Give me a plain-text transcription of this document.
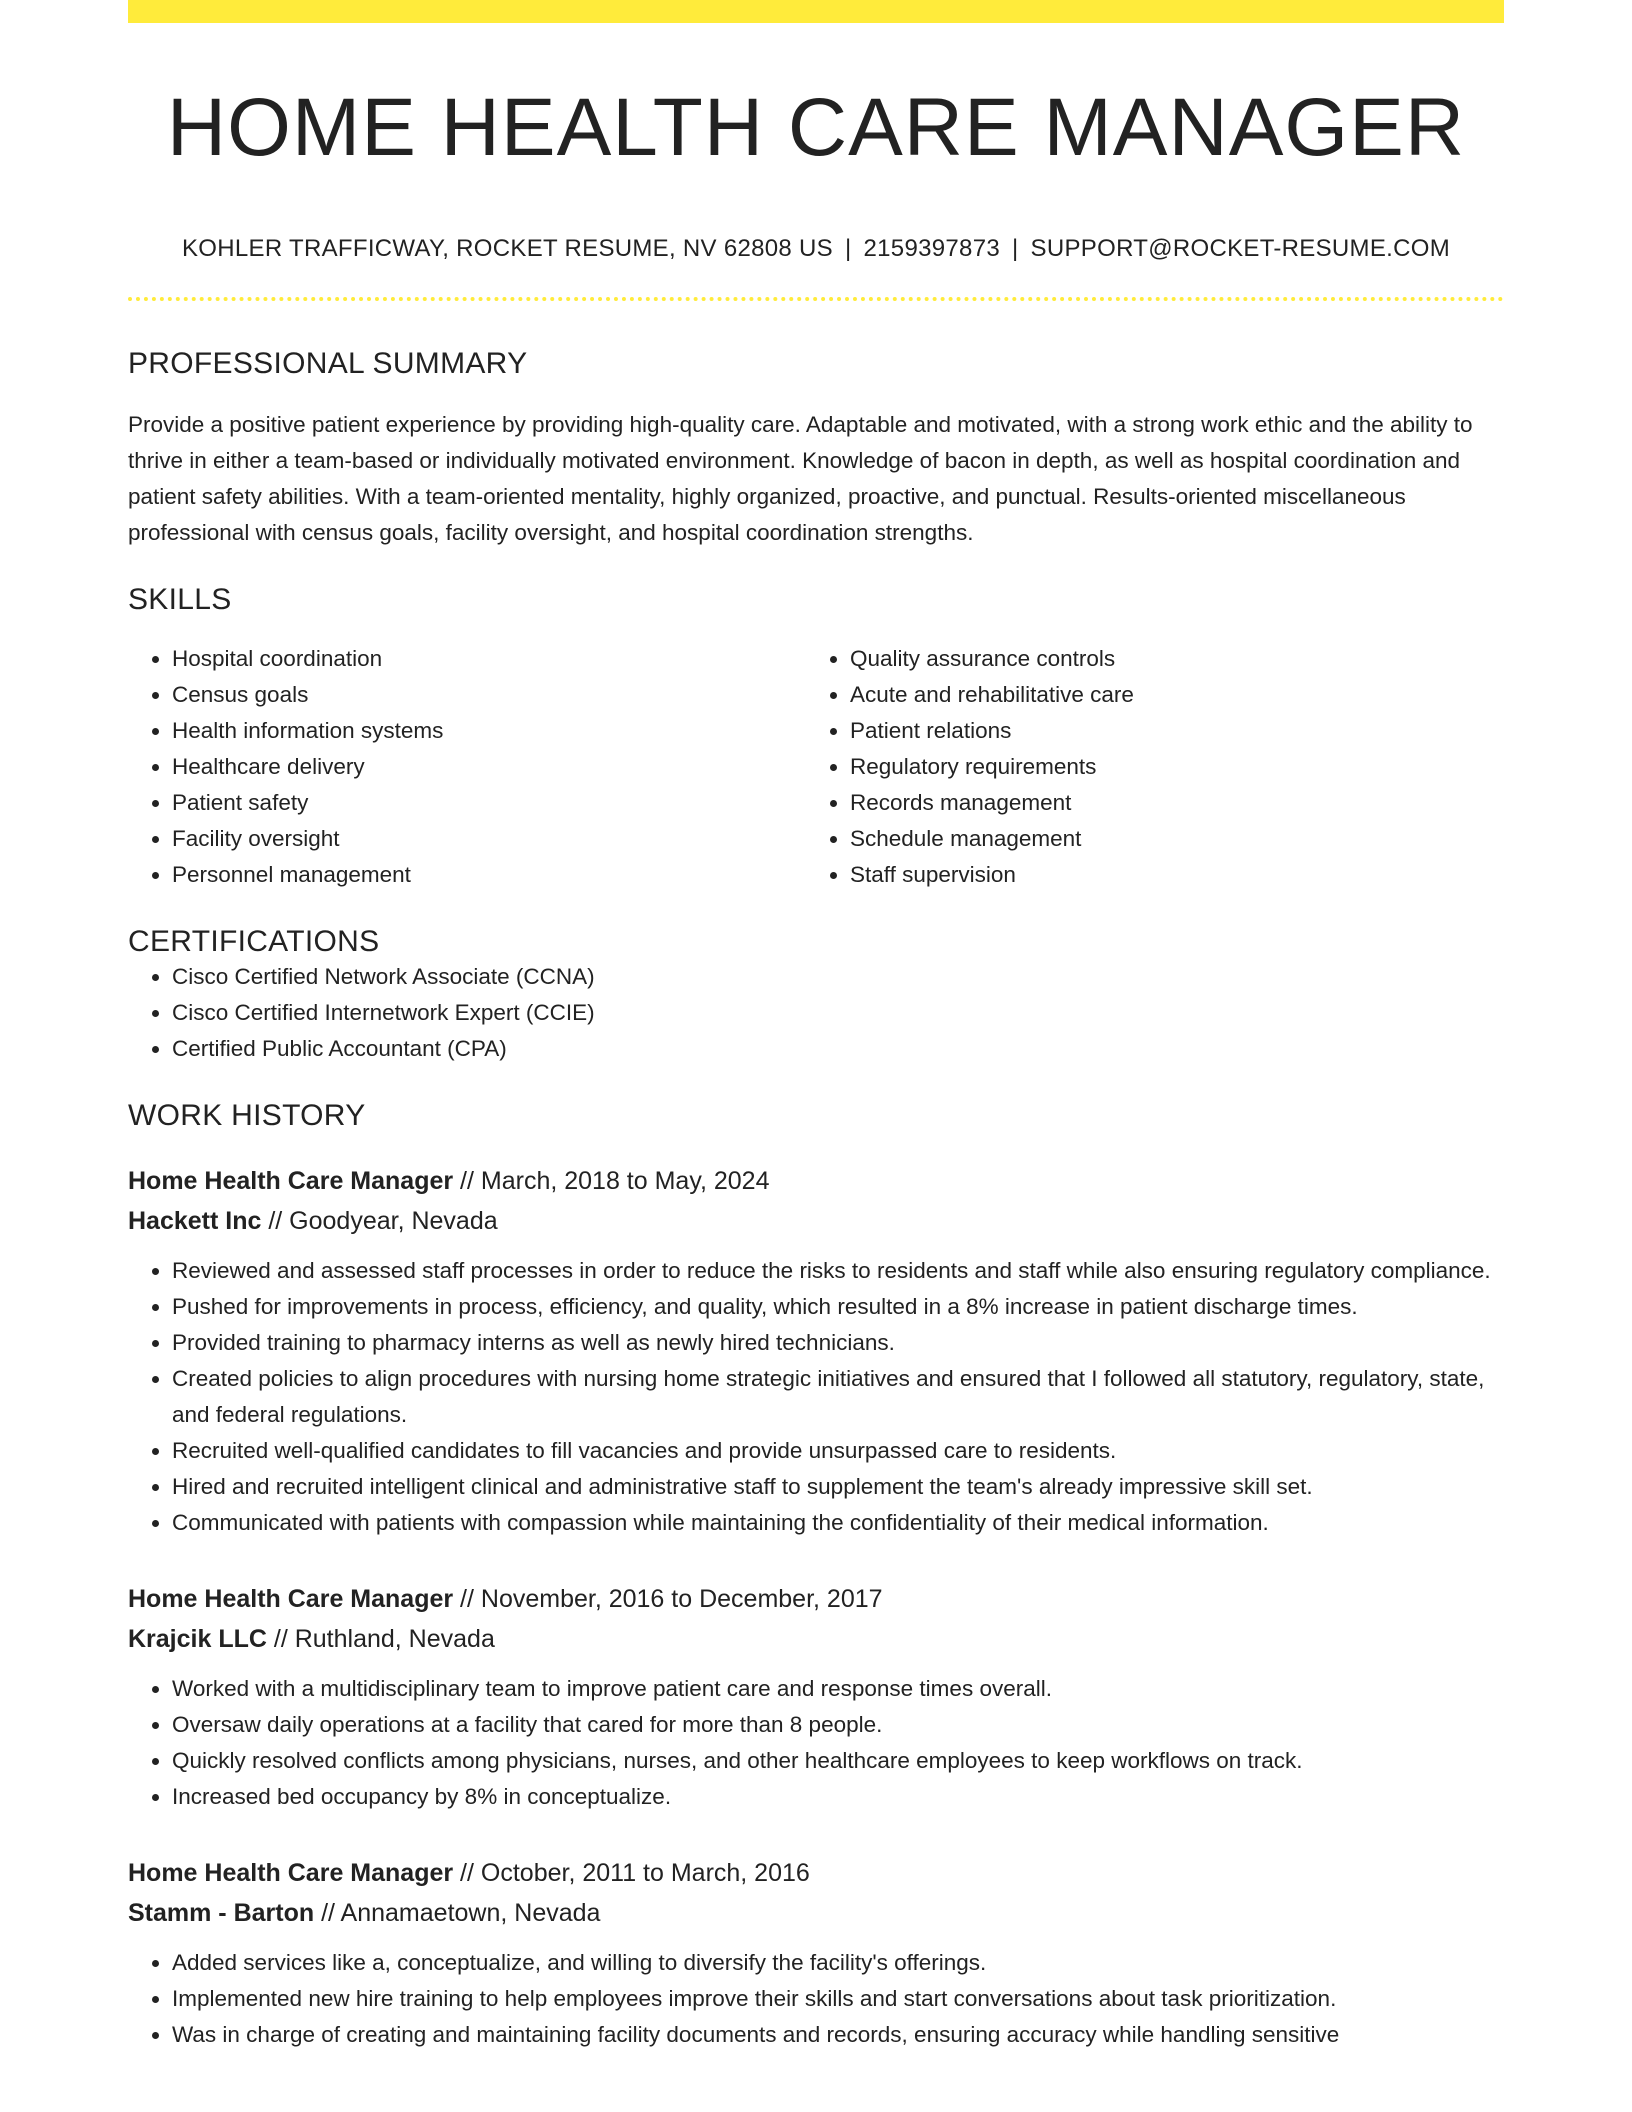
HOME HEALTH CARE MANAGER
KOHLER TRAFFICWAY, ROCKET RESUME, NV 62808 US | 2159397873 | SUPPORT@ROCKET-RESUME.COM
PROFESSIONAL SUMMARY

Provide a positive patient experience by providing high-quality care. Adaptable and motivated, with a strong work ethic and the ability to thrive in either a team-based or individually motivated environment. Knowledge of bacon in depth, as well as hospital coordination and patient safety abilities. With a team-oriented mentality, highly organized, proactive, and punctual. Results-oriented miscellaneous professional with census goals, facility oversight, and hospital coordination strengths.

SKILLS
• Hospital coordination
• Census goals
• Health information systems
• Healthcare delivery
• Patient safety
• Facility oversight
• Personnel management
• Quality assurance controls
• Acute and rehabilitative care
• Patient relations
• Regulatory requirements
• Records management
• Schedule management
• Staff supervision
CERTIFICATIONS
• Cisco Certified Network Associate (CCNA)
• Cisco Certified Internetwork Expert (CCIE)
• Certified Public Accountant (CPA)
WORK HISTORY
Home Health Care Manager // March, 2018 to May, 2024
Hackett Inc // Goodyear, Nevada
• Reviewed and assessed staff processes in order to reduce the risks to residents and staff while also ensuring regulatory compliance.
• Pushed for improvements in process, efficiency, and quality, which resulted in a 8% increase in patient discharge times.
• Provided training to pharmacy interns as well as newly hired technicians.
• Created policies to align procedures with nursing home strategic initiatives and ensured that I followed all statutory, regulatory, state, and federal regulations.
• Recruited well-qualified candidates to fill vacancies and provide unsurpassed care to residents.
• Hired and recruited intelligent clinical and administrative staff to supplement the team's already impressive skill set.
• Communicated with patients with compassion while maintaining the confidentiality of their medical information.
Home Health Care Manager // November, 2016 to December, 2017
Krajcik LLC // Ruthland, Nevada
• Worked with a multidisciplinary team to improve patient care and response times overall.
• Oversaw daily operations at a facility that cared for more than 8 people.
• Quickly resolved conflicts among physicians, nurses, and other healthcare employees to keep workflows on track.
• Increased bed occupancy by 8% in conceptualize.
Home Health Care Manager // October, 2011 to March, 2016
Stamm - Barton // Annamaetown, Nevada
• Added services like a, conceptualize, and willing to diversify the facility's offerings.
• Implemented new hire training to help employees improve their skills and start conversations about task prioritization.
• Was in charge of creating and maintaining facility documents and records, ensuring accuracy while handling sensitive
